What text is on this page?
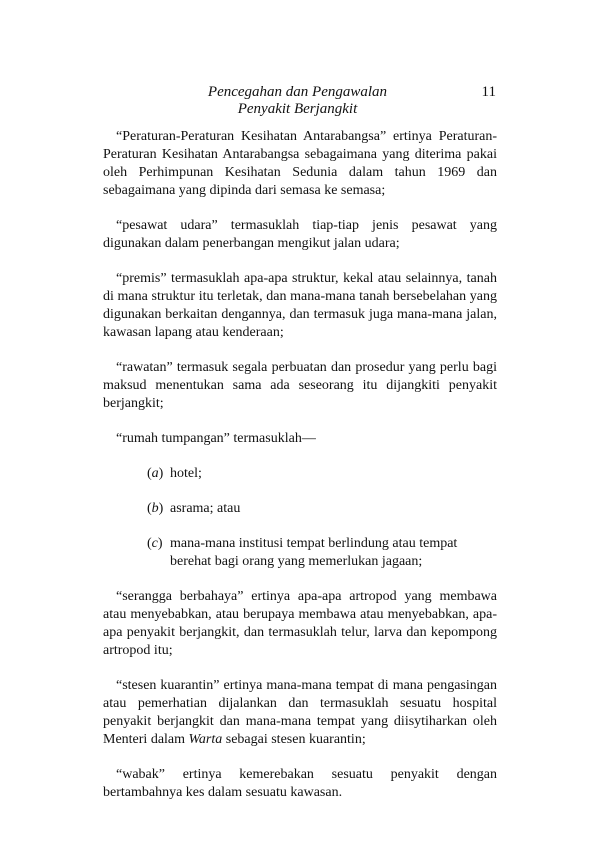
Pencegahan dan Pengawalan
Penyakit Berjangkit
11

“Peraturan-Peraturan Kesihatan Antarabangsa” ertinya Peraturan-Peraturan Kesihatan Antarabangsa sebagaimana yang diterima pakai oleh Perhimpunan Kesihatan Sedunia dalam tahun 1969 dan sebagaimana yang dipinda dari semasa ke semasa;

“pesawat udara” termasuklah tiap-tiap jenis pesawat yang digunakan dalam penerbangan mengikut jalan udara;

“premis” termasuklah apa-apa struktur, kekal atau selainnya, tanah di mana struktur itu terletak, dan mana-mana tanah bersebelahan yang digunakan berkaitan dengannya, dan termasuk juga mana-mana jalan, kawasan lapang atau kenderaan;

“rawatan” termasuk segala perbuatan dan prosedur yang perlu bagi maksud menentukan sama ada seseorang itu dijangkiti penyakit berjangkit;

“rumah tumpangan” termasuklah—

(a) hotel;
(b) asrama; atau
(c) mana-mana institusi tempat berlindung atau tempat berehat bagi orang yang memerlukan jagaan;

“serangga berbahaya” ertinya apa-apa artropod yang membawa atau menyebabkan, atau berupaya membawa atau menyebabkan, apa-apa penyakit berjangkit, dan termasuklah telur, larva dan kepompong artropod itu;

“stesen kuarantin” ertinya mana-mana tempat di mana pengasingan atau pemerhatian dijalankan dan termasuklah sesuatu hospital penyakit berjangkit dan mana-mana tempat yang diisytiharkan oleh Menteri dalam Warta sebagai stesen kuarantin;

“wabak” ertinya kemerebakan sesuatu penyakit dengan bertambahnya kes dalam sesuatu kawasan.
